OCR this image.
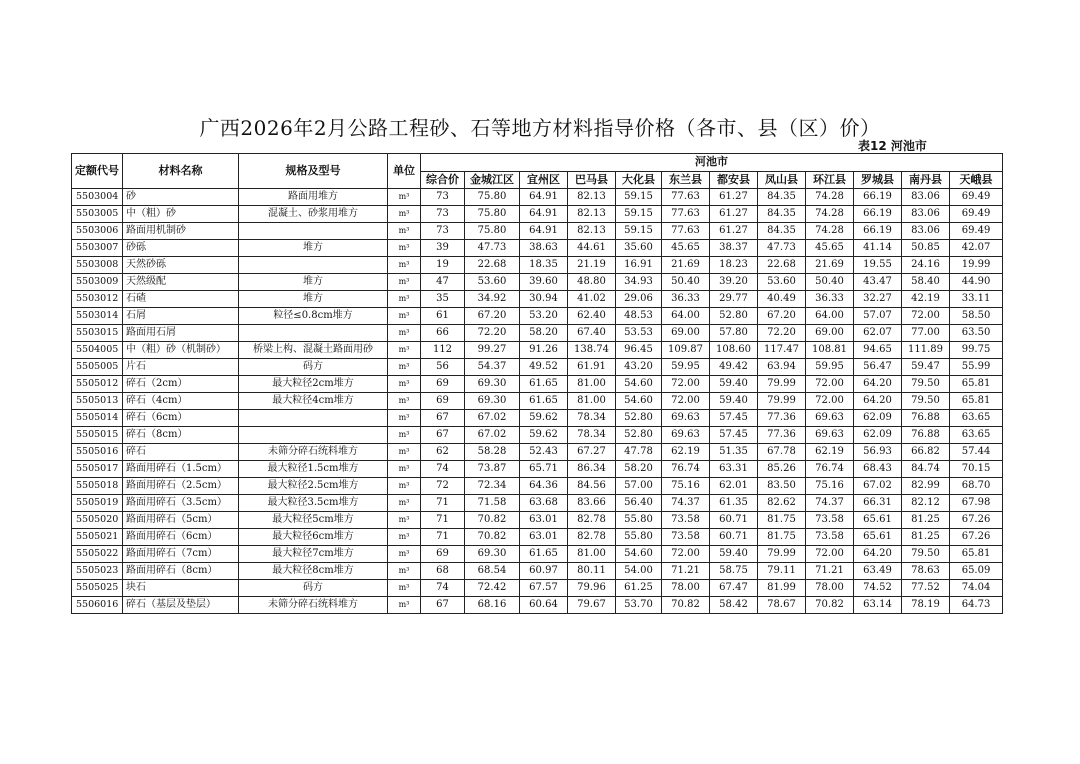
广西2026年2月公路工程砂、石等地方材料指导价格（各市、县（区）价）
表12 河池市
定额代号	材料名称	规格及型号	单位	河池市											
				综合价	金城江区	宜州区	巴马县	大化县	东兰县	都安县	凤山县	环江县	罗城县	南丹县	天峨县
5503004	砂	路面用堆方	m³	73	75.80	64.91	82.13	59.15	77.63	61.27	84.35	74.28	66.19	83.06	69.49
5503005	中（粗）砂	混凝土、砂浆用堆方	m³	73	75.80	64.91	82.13	59.15	77.63	61.27	84.35	74.28	66.19	83.06	69.49
5503006	路面用机制砂		m³	73	75.80	64.91	82.13	59.15	77.63	61.27	84.35	74.28	66.19	83.06	69.49
5503007	砂砾	堆方	m³	39	47.73	38.63	44.61	35.60	45.65	38.37	47.73	45.65	41.14	50.85	42.07
5503008	天然砂砾		m³	19	22.68	18.35	21.19	16.91	21.69	18.23	22.68	21.69	19.55	24.16	19.99
5503009	天然级配	堆方	m³	47	53.60	39.60	48.80	34.93	50.40	39.20	53.60	50.40	43.47	58.40	44.90
5503012	石碴	堆方	m³	35	34.92	30.94	41.02	29.06	36.33	29.77	40.49	36.33	32.27	42.19	33.11
5503014	石屑	粒径≤0.8cm堆方	m³	61	67.20	53.20	62.40	48.53	64.00	52.80	67.20	64.00	57.07	72.00	58.50
5503015	路面用石屑		m³	66	72.20	58.20	67.40	53.53	69.00	57.80	72.20	69.00	62.07	77.00	63.50
5504005	中（粗）砂（机制砂）	桥梁上构、混凝土路面用砂	m³	112	99.27	91.26	138.74	96.45	109.87	108.60	117.47	108.81	94.65	111.89	99.75
5505005	片石	码方	m³	56	54.37	49.52	61.91	43.20	59.95	49.42	63.94	59.95	56.47	59.47	55.99
5505012	碎石（2cm）	最大粒径2cm堆方	m³	69	69.30	61.65	81.00	54.60	72.00	59.40	79.99	72.00	64.20	79.50	65.81
5505013	碎石（4cm）	最大粒径4cm堆方	m³	69	69.30	61.65	81.00	54.60	72.00	59.40	79.99	72.00	64.20	79.50	65.81
5505014	碎石（6cm）		m³	67	67.02	59.62	78.34	52.80	69.63	57.45	77.36	69.63	62.09	76.88	63.65
5505015	碎石（8cm）		m³	67	67.02	59.62	78.34	52.80	69.63	57.45	77.36	69.63	62.09	76.88	63.65
5505016	碎石	未筛分碎石统料堆方	m³	62	58.28	52.43	67.27	47.78	62.19	51.35	67.78	62.19	56.93	66.82	57.44
5505017	路面用碎石（1.5cm）	最大粒径1.5cm堆方	m³	74	73.87	65.71	86.34	58.20	76.74	63.31	85.26	76.74	68.43	84.74	70.15
5505018	路面用碎石（2.5cm）	最大粒径2.5cm堆方	m³	72	72.34	64.36	84.56	57.00	75.16	62.01	83.50	75.16	67.02	82.99	68.70
5505019	路面用碎石（3.5cm）	最大粒径3.5cm堆方	m³	71	71.58	63.68	83.66	56.40	74.37	61.35	82.62	74.37	66.31	82.12	67.98
5505020	路面用碎石（5cm）	最大粒径5cm堆方	m³	71	70.82	63.01	82.78	55.80	73.58	60.71	81.75	73.58	65.61	81.25	67.26
5505021	路面用碎石（6cm）	最大粒径6cm堆方	m³	71	70.82	63.01	82.78	55.80	73.58	60.71	81.75	73.58	65.61	81.25	67.26
5505022	路面用碎石（7cm）	最大粒径7cm堆方	m³	69	69.30	61.65	81.00	54.60	72.00	59.40	79.99	72.00	64.20	79.50	65.81
5505023	路面用碎石（8cm）	最大粒径8cm堆方	m³	68	68.54	60.97	80.11	54.00	71.21	58.75	79.11	71.21	63.49	78.63	65.09
5505025	块石	码方	m³	74	72.42	67.57	79.96	61.25	78.00	67.47	81.99	78.00	74.52	77.52	74.04
5506016	碎石（基层及垫层）	未筛分碎石统料堆方	m³	67	68.16	60.64	79.67	53.70	70.82	58.42	78.67	70.82	63.14	78.19	64.73
